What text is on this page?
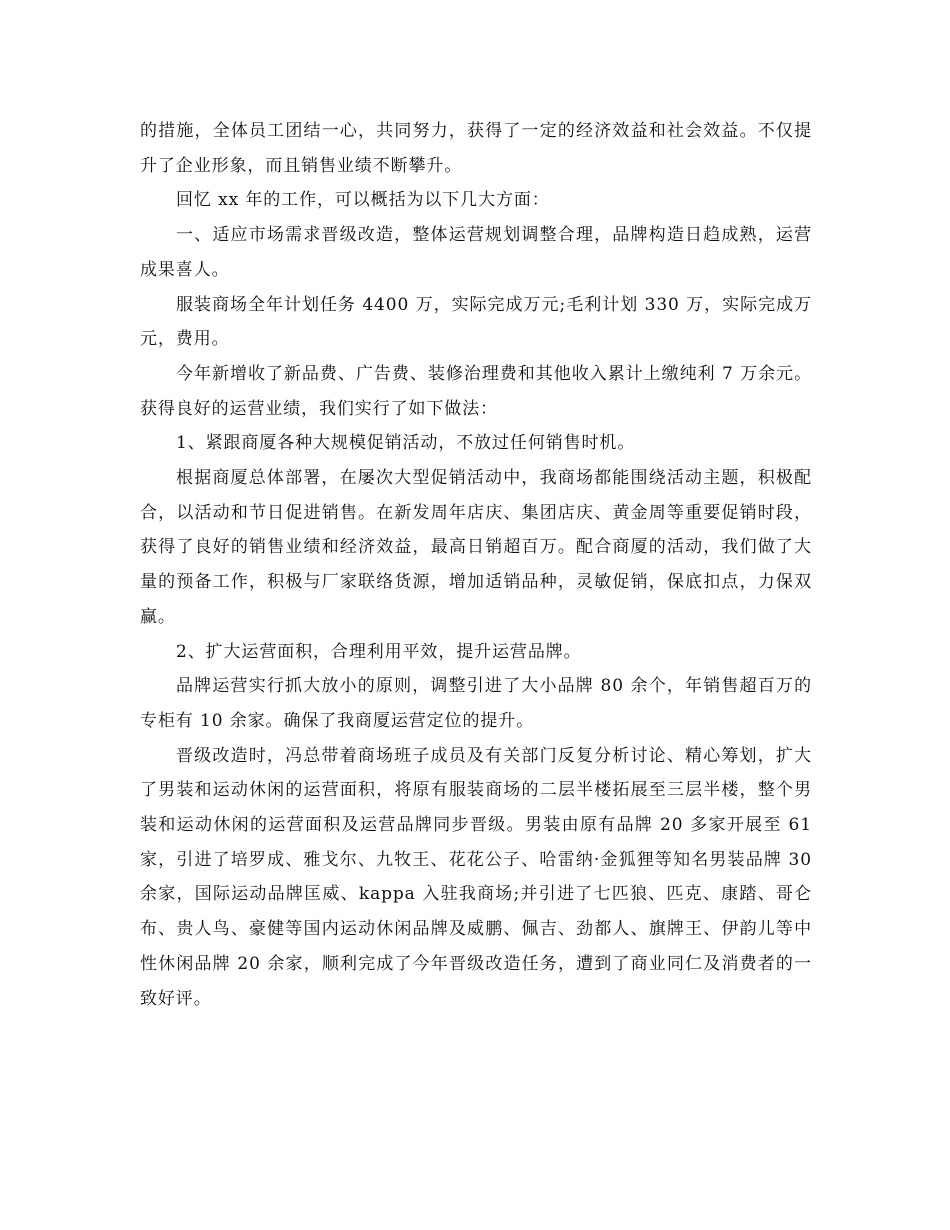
的措施，全体员工团结一心，共同努力，获得了一定的经济效益和社会效益。不仅提升了企业形象，而且销售业绩不断攀升。

回忆 xx 年的工作，可以概括为以下几大方面：

一、适应市场需求晋级改造，整体运营规划调整合理，品牌构造日趋成熟，运营成果喜人。

服装商场全年计划任务 4400 万，实际完成万元;毛利计划 330 万，实际完成万元，费用。

今年新增收了新品费、广告费、装修治理费和其他收入累计上缴纯利 7 万余元。获得良好的运营业绩，我们实行了如下做法：

1、紧跟商厦各种大规模促销活动，不放过任何销售时机。

根据商厦总体部署，在屡次大型促销活动中，我商场都能围绕活动主题，积极配合，以活动和节日促进销售。在新发周年店庆、集团店庆、黄金周等重要促销时段，获得了良好的销售业绩和经济效益，最高日销超百万。配合商厦的活动，我们做了大量的预备工作，积极与厂家联络货源，增加适销品种，灵敏促销，保底扣点，力保双赢。

2、扩大运营面积，合理利用平效，提升运营品牌。

品牌运营实行抓大放小的原则，调整引进了大小品牌 80 余个，年销售超百万的专柜有 10 余家。确保了我商厦运营定位的提升。

晋级改造时，冯总带着商场班子成员及有关部门反复分析讨论、精心筹划，扩大了男装和运动休闲的运营面积，将原有服装商场的二层半楼拓展至三层半楼，整个男装和运动休闲的运营面积及运营品牌同步晋级。男装由原有品牌 20 多家开展至 61 家，引进了培罗成、雅戈尔、九牧王、花花公子、哈雷纳·金狐狸等知名男装品牌 30 余家，国际运动品牌匡威、kappa 入驻我商场;并引进了七匹狼、匹克、康踏、哥仑布、贵人鸟、豪健等国内运动休闲品牌及威鹏、佩吉、劲都人、旗牌王、伊韵儿等中性休闲品牌 20 余家，顺利完成了今年晋级改造任务，遭到了商业同仁及消费者的一致好评。
